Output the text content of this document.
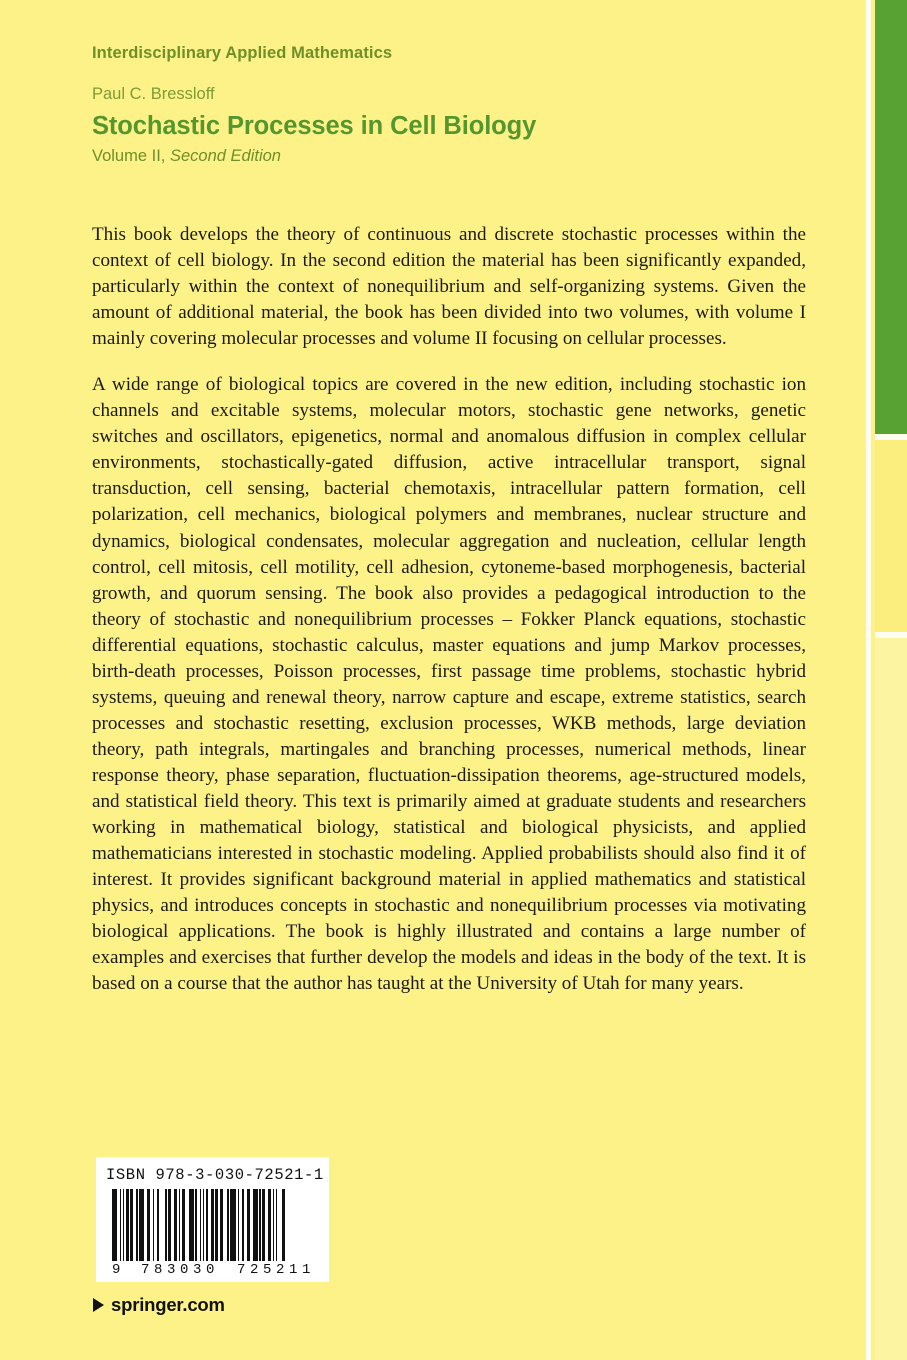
Interdisciplinary Applied Mathematics
Paul C. Bressloff
Stochastic Processes in Cell Biology
Volume II, Second Edition

This book develops the theory of continuous and discrete stochastic processes within the context of cell biology. In the second edition the material has been significantly expanded, particularly within the context of nonequilibrium and self-organizing systems. Given the amount of additional material, the book has been divided into two volumes, with volume I mainly covering molecular processes and volume II focusing on cellular processes.

A wide range of biological topics are covered in the new edition, including stochastic ion channels and excitable systems, molecular motors, stochastic gene networks, genetic switches and oscillators, epigenetics, normal and anomalous diffusion in complex cellular environments, stochastically-gated diffusion, active intracellular transport, signal transduction, cell sensing, bacterial chemotaxis, intracellular pattern formation, cell polarization, cell mechanics, biological polymers and membranes, nuclear structure and dynamics, biological condensates, molecular aggregation and nucleation, cellular length control, cell mitosis, cell motility, cell adhesion, cytoneme-based morphogenesis, bacterial growth, and quorum sensing. The book also provides a pedagogical introduction to the theory of stochastic and nonequilibrium processes – Fokker Planck equations, stochastic differential equations, stochastic calculus, master equations and jump Markov processes, birth-death processes, Poisson processes, first passage time problems, stochastic hybrid systems, queuing and renewal theory, narrow capture and escape, extreme statistics, search processes and stochastic resetting, exclusion processes, WKB methods, large deviation theory, path integrals, martingales and branching processes, numerical methods, linear response theory, phase separation, fluctuation-dissipation theorems, age-structured models, and statistical field theory. This text is primarily aimed at graduate students and researchers working in mathematical biology, statistical and biological physicists, and applied mathematicians interested in stochastic modeling. Applied probabilists should also find it of interest. It provides significant background material in applied mathematics and statistical physics, and introduces concepts in stochastic and nonequilibrium processes via motivating biological applications. The book is highly illustrated and contains a large number of examples and exercises that further develop the models and ideas in the body of the text. It is based on a course that the author has taught at the University of Utah for many years.

ISBN 978-3-030-72521-1
9 7 8 3 0 3 0 7 2 5 2 1 1
springer.com
